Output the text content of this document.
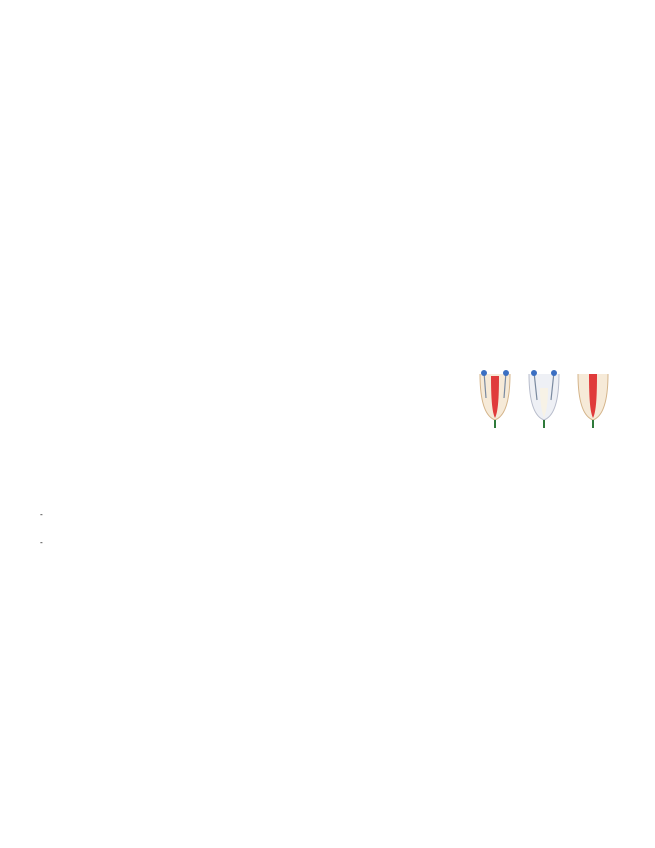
-
-
